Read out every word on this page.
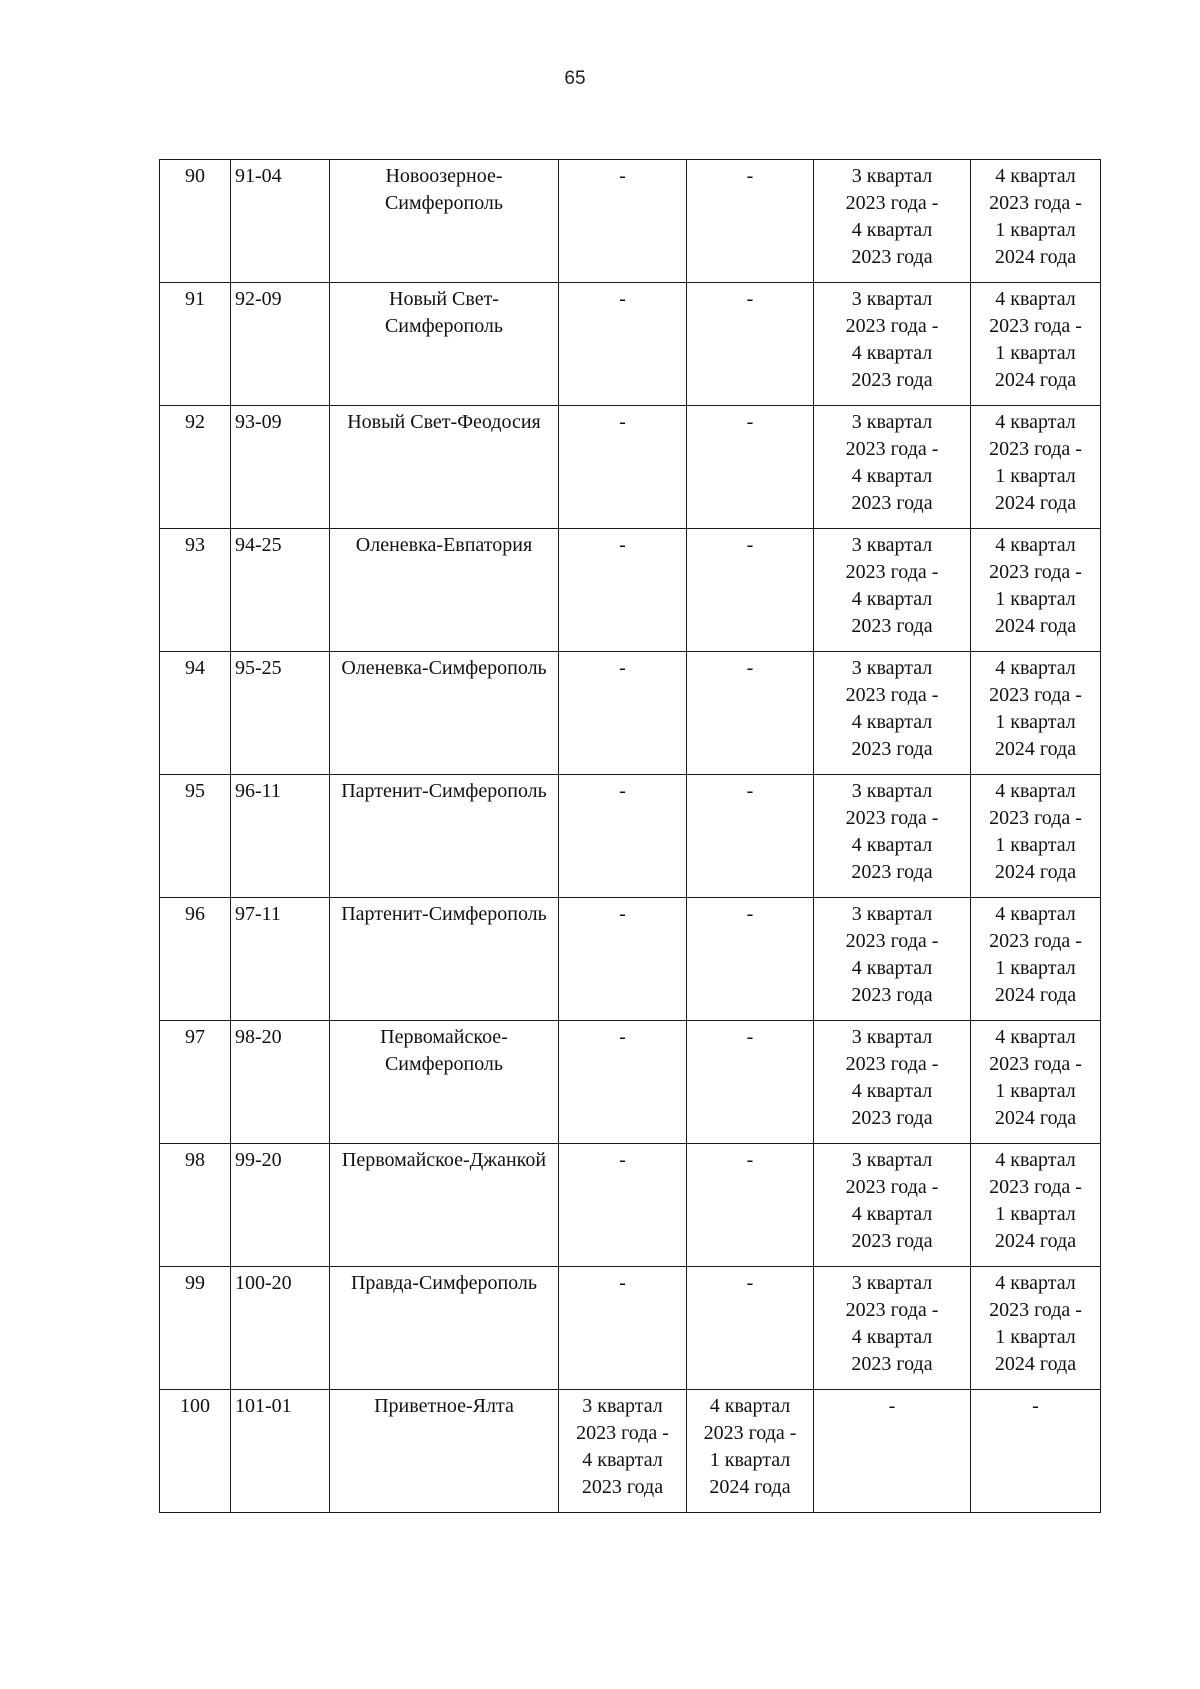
65
90	91-04	Новоозерное-Симферополь	-	-	3 квартал
2023 года -
4 квартал
2023 года	4 квартал
2023 года -
1 квартал
2024 года

91	92-09	Новый Свет-Симферополь	-	-	3 квартал
2023 года -
4 квартал
2023 года	4 квартал
2023 года -
1 квартал
2024 года

92	93-09	Новый Свет-Феодосия	-	-	3 квартал
2023 года -
4 квартал
2023 года	4 квартал
2023 года -
1 квартал
2024 года

93	94-25	Оленевка-Евпатория	-	-	3 квартал
2023 года -
4 квартал
2023 года	4 квартал
2023 года -
1 квартал
2024 года

94	95-25	Оленевка-Симферополь	-	-	3 квартал
2023 года -
4 квартал
2023 года	4 квартал
2023 года -
1 квартал
2024 года

95	96-11	Партенит-Симферополь	-	-	3 квартал
2023 года -
4 квартал
2023 года	4 квартал
2023 года -
1 квартал
2024 года

96	97-11	Партенит-Симферополь	-	-	3 квартал
2023 года -
4 квартал
2023 года	4 квартал
2023 года -
1 квартал
2024 года

97	98-20	Первомайское-Симферополь	-	-	3 квартал
2023 года -
4 квартал
2023 года	4 квартал
2023 года -
1 квартал
2024 года

98	99-20	Первомайское-Джанкой	-	-	3 квартал
2023 года -
4 квартал
2023 года	4 квартал
2023 года -
1 квартал
2024 года

99	100-20	Правда-Симферополь	-	-	3 квартал
2023 года -
4 квартал
2023 года	4 квартал
2023 года -
1 квартал
2024 года

100	101-01	Приветное-Ялта	3 квартал
2023 года -
4 квартал
2023 года	4 квартал
2023 года -
1 квартал
2024 года	-	-
